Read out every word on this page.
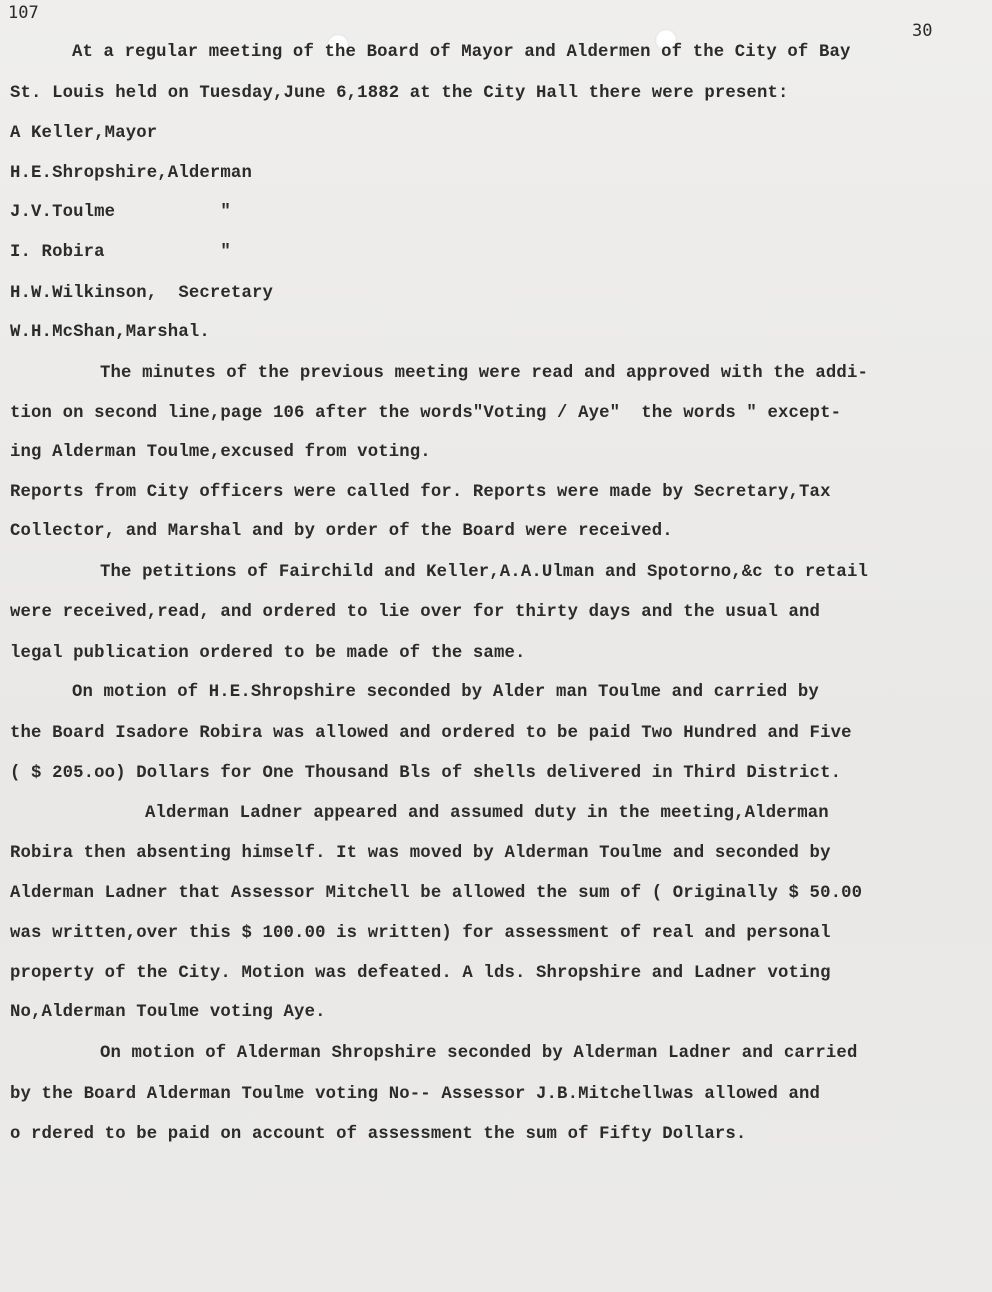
107
30
At a regular meeting of the Board of Mayor and Aldermen of the City of Bay
St. Louis held on Tuesday,June 6,1882 at the City Hall there were present:
A Keller,Mayor
H.E.Shropshire,Alderman
J.V.Toulme          "
I. Robira           "
H.W.Wilkinson,  Secretary
W.H.McShan,Marshal.
The minutes of the previous meeting were read and approved with the addi-
tion on second line,page 106 after the words"Voting / Aye"  the words " except-
ing Alderman Toulme,excused from voting.
Reports from City officers were called for. Reports were made by Secretary,Tax
Collector, and Marshal and by order of the Board were received.
The petitions of Fairchild and Keller,A.A.Ulman and Spotorno,&c to retail
were received,read, and ordered to lie over for thirty days and the usual and
legal publication ordered to be made of the same.
On motion of H.E.Shropshire seconded by Alder man Toulme and carried by
the Board Isadore Robira was allowed and ordered to be paid Two Hundred and Five
( $ 205.oo) Dollars for One Thousand Bls of shells delivered in Third District.
Alderman Ladner appeared and assumed duty in the meeting,Alderman
Robira then absenting himself. It was moved by Alderman Toulme and seconded by
Alderman Ladner that Assessor Mitchell be allowed the sum of ( Originally $ 50.00
was written,over this $ 100.00 is written) for assessment of real and personal
property of the City. Motion was defeated. A lds. Shropshire and Ladner voting
No,Alderman Toulme voting Aye.
On motion of Alderman Shropshire seconded by Alderman Ladner and carried
by the Board Alderman Toulme voting No-- Assessor J.B.Mitchellwas allowed and
o rdered to be paid on account of assessment the sum of Fifty Dollars.
